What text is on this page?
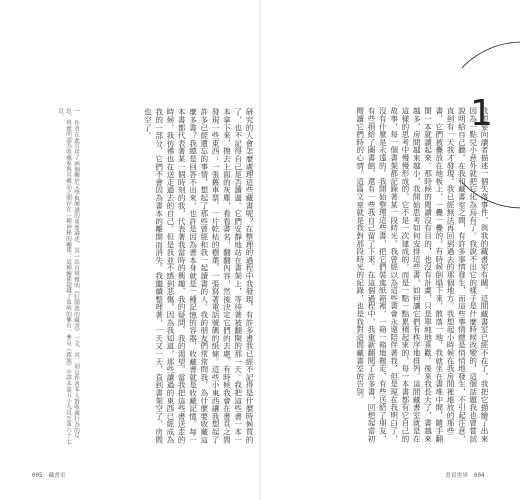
1
我想要向讀者描述一個失落事件，與我的藏書室有關。這間藏書室已經不在了，我把它描繪了出來因為一點兒小意外就把它化為烏有了。我說不出它的樣子是什麼時候改變的，這個話題我也曾嘗試說明給自己聽。在我和藏書室之間，有許多事情發生，而這些事情總是悄悄地發生，不引起注意，直到有一天我才發現，我已經無法再回到過去的那個地方。我想起小時候在我房間裡堆放的那些書，它們被疊放在地板上，一疊一疊的，有時候倒塌下來，散落一地，我就坐在書堆中間，隨手翻開一本就讀起來。那時候的閱讀沒有目的，也沒有計畫，只是單純地喜歡。後來我長大了，書越來越多，房間越來越小，我開始思考如何安排這些書，如何讓它們有秩序地排列。這間藏書室就是在這樣的思考中慢慢形成的。它不是一次建成的，而是一點一點累積起來的，每一本書都有它自己的故事，每一個書架都記錄著某一段時光。我曾經以為這些書會永遠陪伴著我，但是現在我明白了，沒有什麼是永遠的。我開始整理這些書，把它們裝進紙箱裡，一箱一箱地搬走，有些送給了朋友，有些捐給了圖書館，還有一些我自己留了下來。在這個過程中，我重新翻閱了許多書，回想起當初閱讀它們時的心情。這篇文章就是我對那段時光的紀錄，也是我對這間藏書室的告別。
研究的人會怎麼處理這些藏書呢？在整理的過程中我發現，有許多書我已經不記得是什麼時候買的了，也不記得自己是否讀過。它們安靜地站在書架上，等待著被翻開的那一天。我把這些書一本一本拿下來，擦去上面的灰塵，看看書名，翻翻內容，然後決定它們的去處。有時候我會在書頁之間發現一些東西：一張舊車票、一片乾枯的樹葉、一張寫著電話號碼的紙條。這些小東西讓我想起了許多已經遺忘的事情，想起了那些曾經和我一起讀書的人。我的朋友們常常問我，為什麼要收藏這麼多書？我總是回答不出來。也許是因為書本身就是一種記憶的容器，收藏書就是收藏記憶。每一本書都代表著某一個時刻的我，代表著我當時的興趣、我的疑問、我的渴望。當我把這些書送走的時候，我彷彿也在送走過去的自己。但是我並不感到悲傷，因為我知道，那些讀過的東西已經成為我的一部分，它們不會因為書本的離開而消失。我繼續整理著，一天又一天，直到書架空了，房間也空了。
一 作者在此引用了兩個關於文學與閱讀的重要論述，其一出自班雅明《打開我的藏書》一文，其二則是作者本人對收藏行為的反思。班雅明認為收藏家與其藏品之間存在一種神秘的關係，這種關係超越了單純的擁有。參見《啟迪》中譯本第五十九頁至第六十七頁。
005 藏書室	書頁世界 004
